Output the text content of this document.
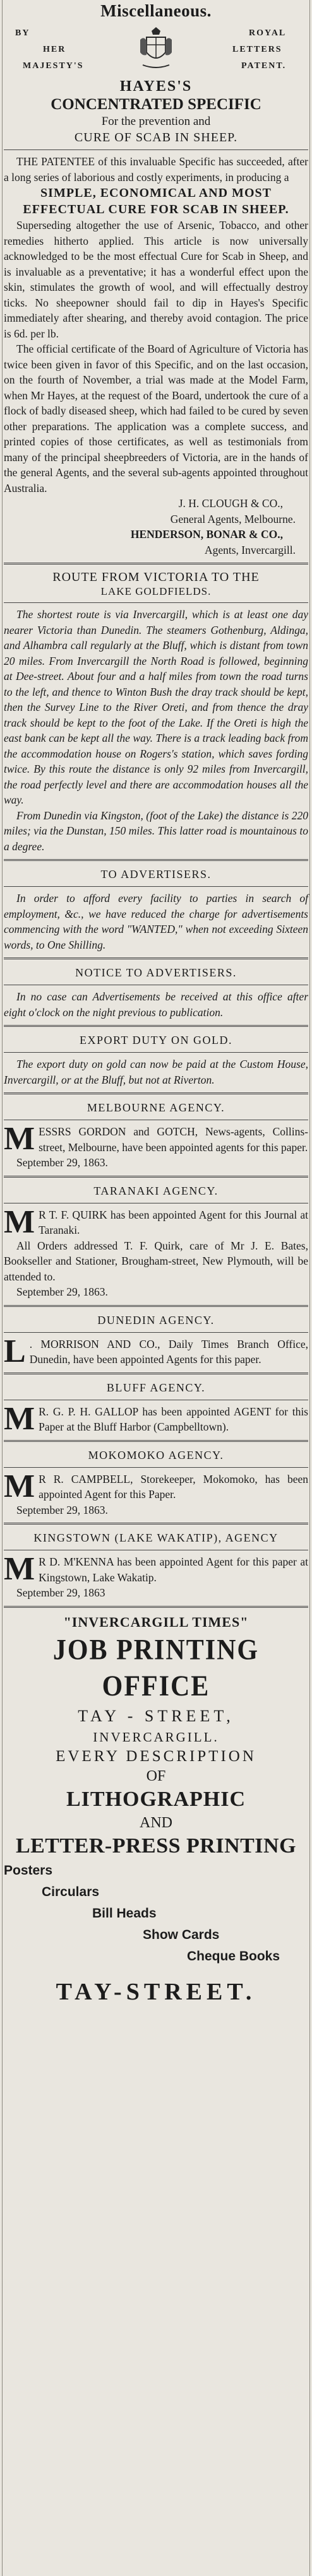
Miscellaneous.
BY
HER
MAJESTY'S
ROYAL
LETTERS
PATENT.
HAYES'S
CONCENTRATED SPECIFIC
For the prevention and
CURE OF SCAB IN SHEEP.

THE PATENTEE of this invaluable Specific has succeeded, after a long series of laborious and costly experiments, in producing a

SIMPLE, ECONOMICAL AND MOST EFFECTUAL CURE FOR SCAB IN SHEEP.

Superseding altogether the use of Arsenic, Tobacco, and other remedies hitherto applied. This article is now universally acknowledged to be the most effectual Cure for Scab in Sheep, and is invaluable as a preventative; it has a wonderful effect upon the skin, stimulates the growth of wool, and will effectually destroy ticks. No sheepowner should fail to dip in Hayes's Specific immediately after shearing, and thereby avoid contagion. The price is 6d. per lb.

The official certificate of the Board of Agriculture of Victoria has twice been given in favor of this Specific, and on the last occasion, on the fourth of November, a trial was made at the Model Farm, when Mr Hayes, at the request of the Board, undertook the cure of a flock of badly diseased sheep, which had failed to be cured by seven other preparations. The application was a complete success, and printed copies of those certificates, as well as testimonials from many of the principal sheepbreeders of Victoria, are in the hands of the general Agents, and the several sub-agents appointed throughout Australia.

J. H. CLOUGH & CO.,

General Agents, Melbourne.

HENDERSON, BONAR & CO.,

Agents, Invercargill.

ROUTE FROM VICTORIA TO THE

LAKE GOLDFIELDS.

The shortest route is via Invercargill, which is at least one day nearer Victoria than Dunedin. The steamers Gothenburg, Aldinga, and Alhambra call regularly at the Bluff, which is distant from town 20 miles. From Invercargill the North Road is followed, beginning at Dee-street. About four and a half miles from town the road turns to the left, and thence to Winton Bush the dray track should be kept, then the Survey Line to the River Oreti, and from thence the dray track should be kept to the foot of the Lake. If the Oreti is high the east bank can be kept all the way. There is a track leading back from the accommodation house on Rogers's station, which saves fording twice. By this route the distance is only 92 miles from Invercargill, the road perfectly level and there are accommodation houses all the way.

From Dunedin via Kingston, (foot of the Lake) the distance is 220 miles; via the Dunstan, 150 miles. This latter road is mountainous to a degree.

TO ADVERTISERS.

In order to afford every facility to parties in search of employment, &c., we have reduced the charge for advertisements commencing with the word "WANTED," when not exceeding Sixteen words, to One Shilling.

NOTICE TO ADVERTISERS.

In no case can Advertisements be received at this office after eight o'clock on the night previous to publication.

EXPORT DUTY ON GOLD.

The export duty on gold can now be paid at the Custom House, Invercargill, or at the Bluff, but not at Riverton.

MELBOURNE AGENCY.

M ESSRS GORDON and GOTCH, News-agents, Collins-street, Melbourne, have been appointed agents for this paper.

September 29, 1863.

TARANAKI AGENCY.

M R T. F. QUIRK has been appointed Agent for this Journal at Taranaki.

All Orders addressed T. F. Quirk, care of Mr J. E. Bates, Bookseller and Stationer, Brougham-street, New Plymouth, will be attended to.

September 29, 1863.

DUNEDIN AGENCY.

L . MORRISON AND CO., Daily Times Branch Office, Dunedin, have been appointed Agents for this paper.

BLUFF AGENCY.

M R. G. P. H. GALLOP has been appointed AGENT for this Paper at the Bluff Harbor (Campbelltown).

MOKOMOKO AGENCY.

M R R. CAMPBELL, Storekeeper, Mokomoko, has been appointed Agent for this Paper.

September 29, 1863.

KINGSTOWN (LAKE WAKATIP), AGENCY

M R D. M'KENNA has been appointed Agent for this paper at Kingstown, Lake Wakatip.

September 29, 1863

"INVERCARGILL TIMES"
JOB PRINTING OFFICE
TAY - STREET,
INVERCARGILL.
EVERY DESCRIPTION
OF
LITHOGRAPHIC
AND
LETTER-PRESS PRINTING
Posters
Circulars
Bill Heads
Show Cards
Cheque Books
TAY-STREET.
